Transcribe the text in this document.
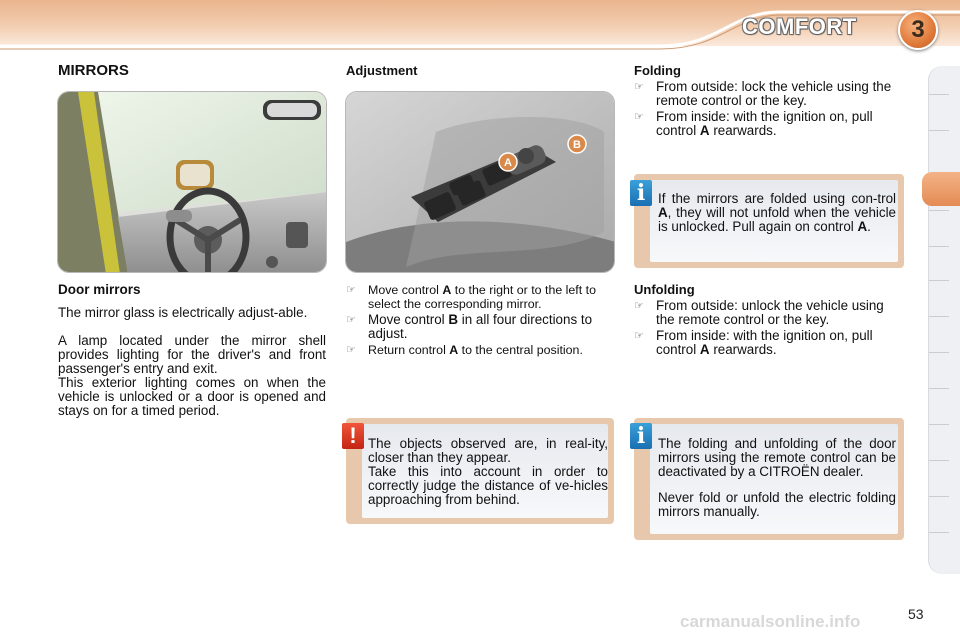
COMFORT	3
MIRRORS
Door mirrors
The mirror glass is electrically adjust-able.
A lamp located under the mirror shell provides lighting for the driver's and front passenger's entry and exit.
This exterior lighting comes on when the vehicle is unlocked or a door is opened and stays on for a timed period.
Adjustment
A
B
☞ Move control A to the right or to the left to select the corresponding mirror.
☞ Move control B in all four directions to adjust.
☞ Return control A to the central position.
! The objects observed are, in real-ity, closer than they appear.
Take this into account in order to correctly judge the distance of ve-hicles approaching from behind.
Folding
☞ From outside: lock the vehicle using the remote control or the key.
☞ From inside: with the ignition on, pull control A rearwards.
i If the mirrors are folded using con-trol A, they will not unfold when the vehicle is unlocked. Pull again on control A.
Unfolding
☞ From outside: unlock the vehicle using the remote control or the key.
☞ From inside: with the ignition on, pull control A rearwards.
i The folding and unfolding of the door mirrors using the remote control can be deactivated by a CITROËN dealer.
Never fold or unfold the electric folding mirrors manually.
carmanualsonline.info	53
